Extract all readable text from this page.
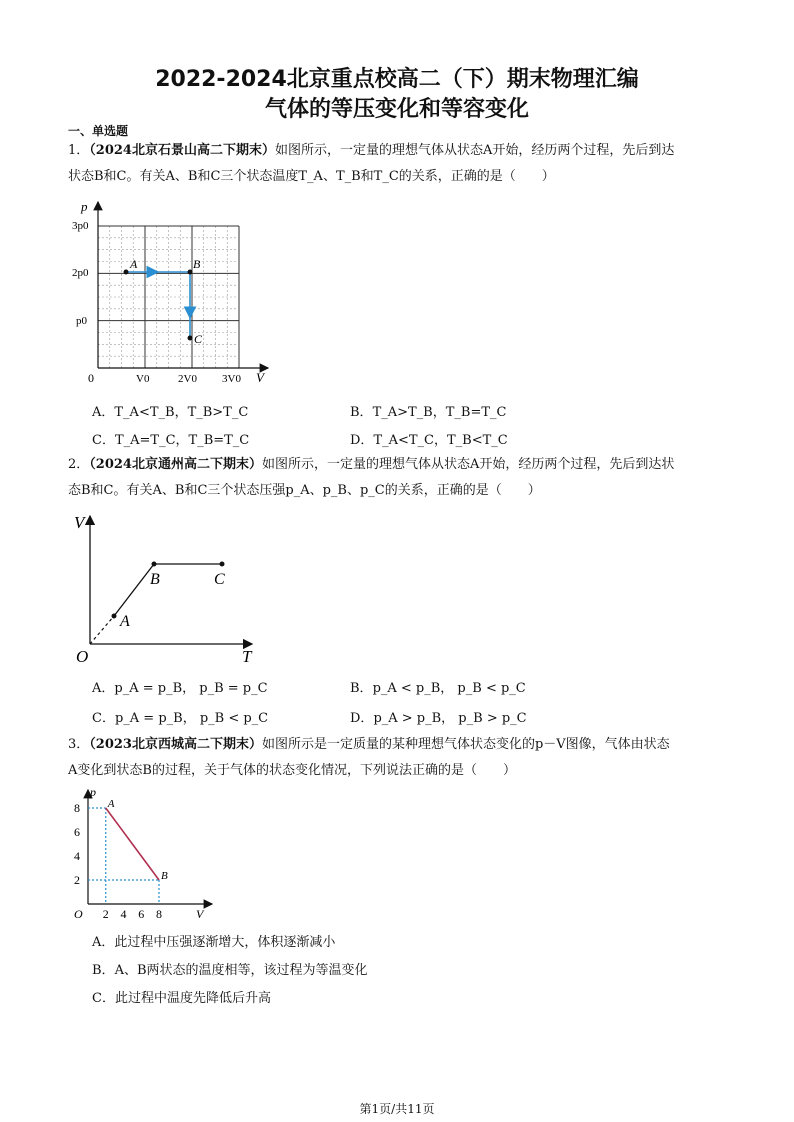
2022-2024北京重点校高二（下）期末物理汇编
气体的等压变化和等容变化
一、单选题
1．（2024北京石景山高二下期末）如图所示，一定量的理想气体从状态A开始，经历两个过程，先后到达
状态B和C。有关A、B和C三个状态温度T_A、T_B和T_C的关系，正确的是（　　）
p
V
0
p0
2p0
3p0
V0	2V0 3V0
A	B
C
A．T_A<T_B，T_B>T_C	B．T_A>T_B，T_B=T_C
C．T_A=T_C，T_B=T_C	D．T_A<T_C，T_B<T_C
2．（2024北京通州高二下期末）如图所示，一定量的理想气体从状态A开始，经历两个过程，先后到达状
态B和C。有关A、B和C三个状态压强p_A、p_B、p_C的关系，正确的是（　　）
V
T
O
A
B	C
A．p_A = p_B， p_B = p_C	B．p_A < p_B， p_B < p_C
C．p_A = p_B， p_B < p_C	D．p_A > p_B， p_B > p_C
3．（2023北京西城高二下期末）如图所示是一定质量的某种理想气体状态变化的p－V图像，气体由状态
A变化到状态B的过程，关于气体的状态变化情况，下列说法正确的是（　　）
2
4
6
8
2 4 6 8
A
B
p
V
O
A．此过程中压强逐渐增大，体积逐渐减小
B．A、B两状态的温度相等，该过程为等温变化
C．此过程中温度先降低后升高
第1页/共11页
